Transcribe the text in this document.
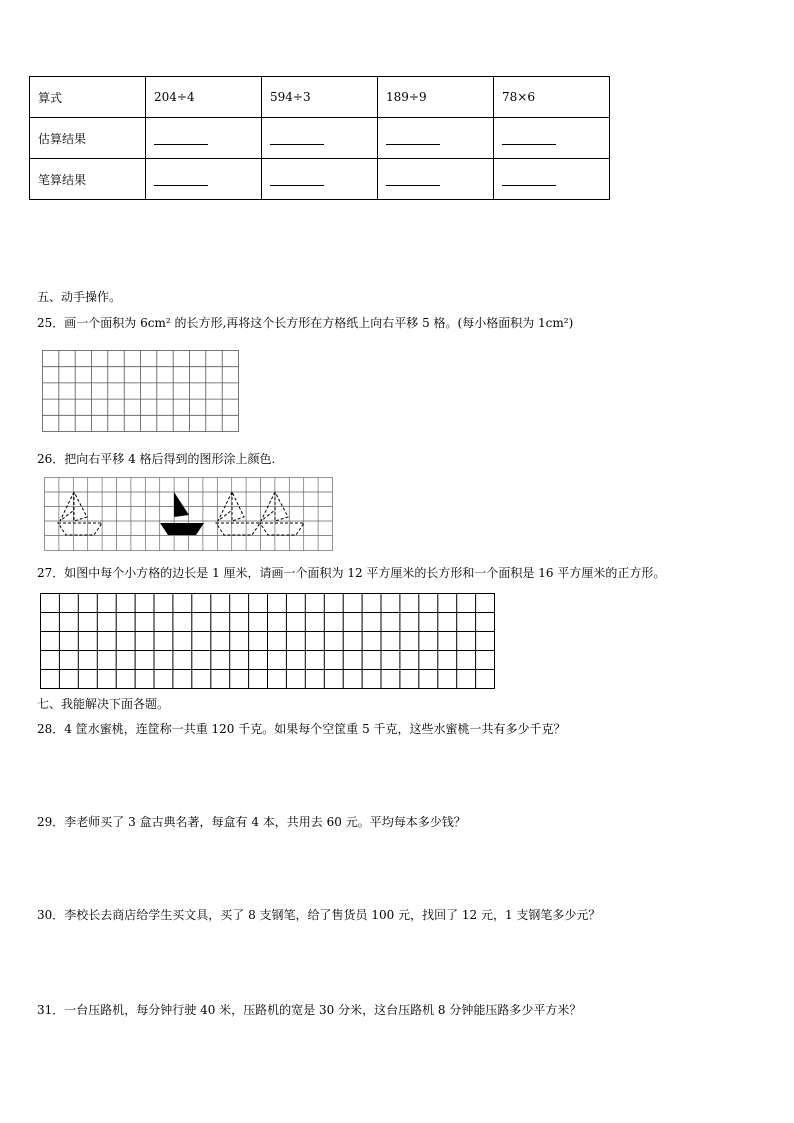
算式	204÷4	594÷3	189÷9	78×6
估算结果				
笔算结果				
五、动手操作。
25．画一个面积为 6cm² 的长方形,再将这个长方形在方格纸上向右平移 5 格。(每小格面积为 1cm²)
26．把向右平移 4 格后得到的图形涂上颜色.
27．如图中每个小方格的边长是 1 厘米，请画一个面积为 12 平方厘米的长方形和一个面积是 16 平方厘米的正方形。
七、我能解决下面各题。
28．4 筐水蜜桃，连筐称一共重 120 千克。如果每个空筐重 5 千克，这些水蜜桃一共有多少千克？
29．李老师买了 3 盒古典名著，每盒有 4 本，共用去 60 元。平均每本多少钱？
30．李校长去商店给学生买文具，买了 8 支钢笔，给了售货员 100 元，找回了 12 元，1 支钢笔多少元？
31．一台压路机，每分钟行驶 40 米，压路机的宽是 30 分米，这台压路机 8 分钟能压路多少平方米？
